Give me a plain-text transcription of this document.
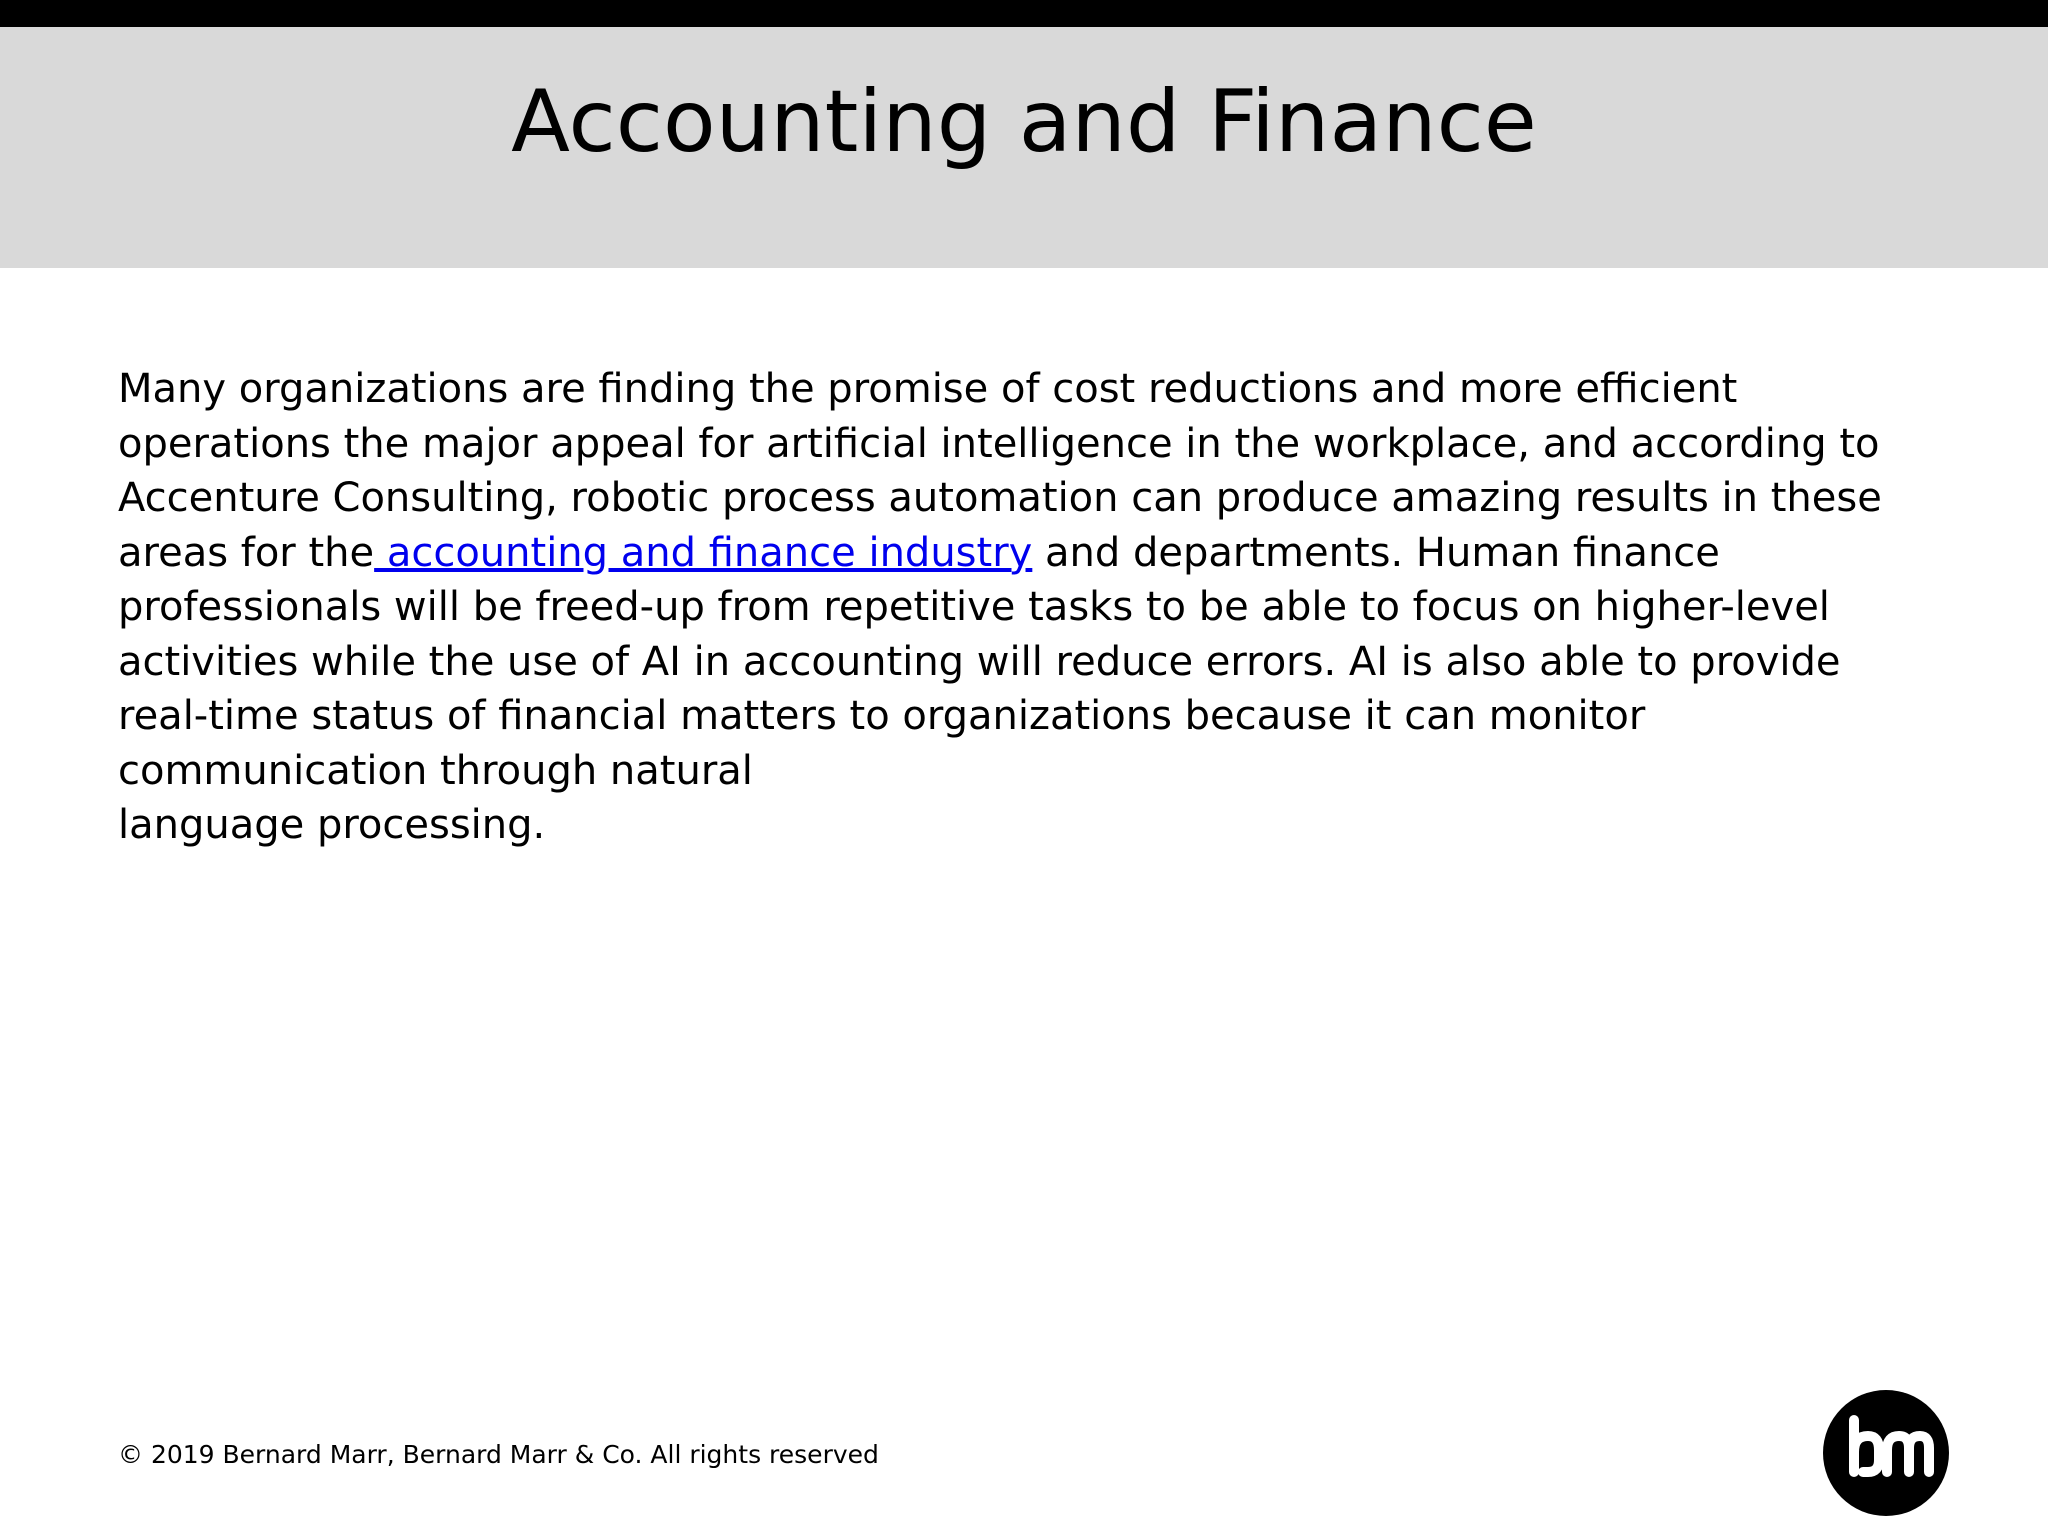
Accounting and Finance

Many organizations are finding the promise of cost reductions and more efficient
operations the major appeal for artificial intelligence in the workplace, and according to
Accenture Consulting, robotic process automation can produce amazing results in these
areas for the accounting and finance industry and departments. Human finance
professionals will be freed-up from repetitive tasks to be able to focus on higher-level
activities while the use of AI in accounting will reduce errors. AI is also able to provide
real-time status of financial matters to organizations because it can monitor
communication through natural
language processing.

© 2019 Bernard Marr, Bernard Marr & Co. All rights reserved
